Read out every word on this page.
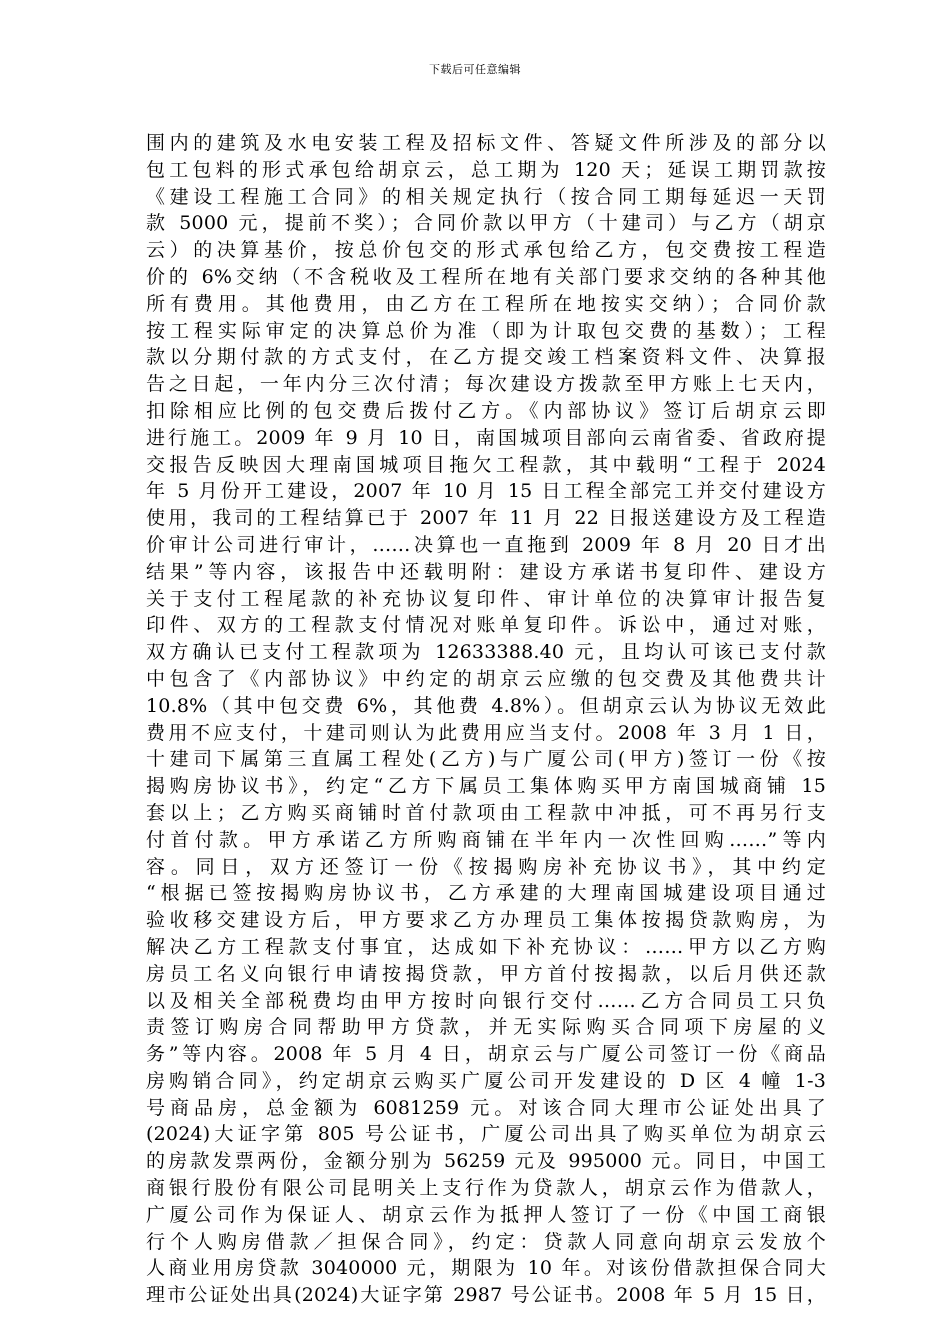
下载后可任意编辑
围内的建筑及水电安装工程及招标文件、答疑文件所涉及的部分以
包工包料的形式承包给胡京云，总工期为 120 天；延误工期罚款按
《建设工程施工合同》的相关规定执行（按合同工期每延迟一天罚
款 5000 元，提前不奖）；合同价款以甲方（十建司）与乙方（胡京
云）的决算基价，按总价包交的形式承包给乙方，包交费按工程造
价的 6%交纳（不含税收及工程所在地有关部门要求交纳的各种其他
所有费用。其他费用，由乙方在工程所在地按实交纳）；合同价款
按工程实际审定的决算总价为准（即为计取包交费的基数）；工程
款以分期付款的方式支付，在乙方提交竣工档案资料文件、决算报
告之日起，一年内分三次付清；每次建设方拨款至甲方账上七天内，
扣除相应比例的包交费后拨付乙方。《内部协议》签订后胡京云即
进行施工。2009 年 9 月 10 日，南国城项目部向云南省委、省政府提
交报告反映因大理南国城项目拖欠工程款，其中载明“工程于 2024
年 5 月份开工建设，2007 年 10 月 15 日工程全部完工并交付建设方
使用，我司的工程结算已于 2007 年 11 月 22 日报送建设方及工程造
价审计公司进行审计，……决算也一直拖到 2009 年 8 月 20 日才出
结果”等内容，该报告中还载明附：建设方承诺书复印件、建设方
关于支付工程尾款的补充协议复印件、审计单位的决算审计报告复
印件、双方的工程款支付情况对账单复印件。诉讼中，通过对账，
双方确认已支付工程款项为 12633388.40 元，且均认可该已支付款
中包含了《内部协议》中约定的胡京云应缴的包交费及其他费共计
10.8%（其中包交费 6%，其他费 4.8%）。但胡京云认为协议无效此
费用不应支付，十建司则认为此费用应当支付。2008 年 3 月 1 日，
十建司下属第三直属工程处(乙方)与广厦公司(甲方)签订一份《按
揭购房协议书》，约定“乙方下属员工集体购买甲方南国城商铺 15
套以上；乙方购买商铺时首付款项由工程款中冲抵，可不再另行支
付首付款。甲方承诺乙方所购商铺在半年内一次性回购……”等内
容。同日，双方还签订一份《按揭购房补充协议书》，其中约定
“根据已签按揭购房协议书，乙方承建的大理南国城建设项目通过
验收移交建设方后，甲方要求乙方办理员工集体按揭贷款购房，为
解决乙方工程款支付事宜，达成如下补充协议：……甲方以乙方购
房员工名义向银行申请按揭贷款，甲方首付按揭款，以后月供还款
以及相关全部税费均由甲方按时向银行交付……乙方合同员工只负
责签订购房合同帮助甲方贷款，并无实际购买合同项下房屋的义
务”等内容。2008 年 5 月 4 日，胡京云与广厦公司签订一份《商品
房购销合同》，约定胡京云购买广厦公司开发建设的 D 区 4 幢 1-3
号商品房，总金额为 6081259 元。对该合同大理市公证处出具了
(2024)大证字第 805 号公证书，广厦公司出具了购买单位为胡京云
的房款发票两份，金额分别为 56259 元及 995000 元。同日，中国工
商银行股份有限公司昆明关上支行作为贷款人，胡京云作为借款人，
广厦公司作为保证人、胡京云作为抵押人签订了一份《中国工商银
行个人购房借款／担保合同》，约定：贷款人同意向胡京云发放个
人商业用房贷款 3040000 元，期限为 10 年。对该份借款担保合同大
理市公证处出具(2024)大证字第 2987 号公证书。2008 年 5 月 15 日，
